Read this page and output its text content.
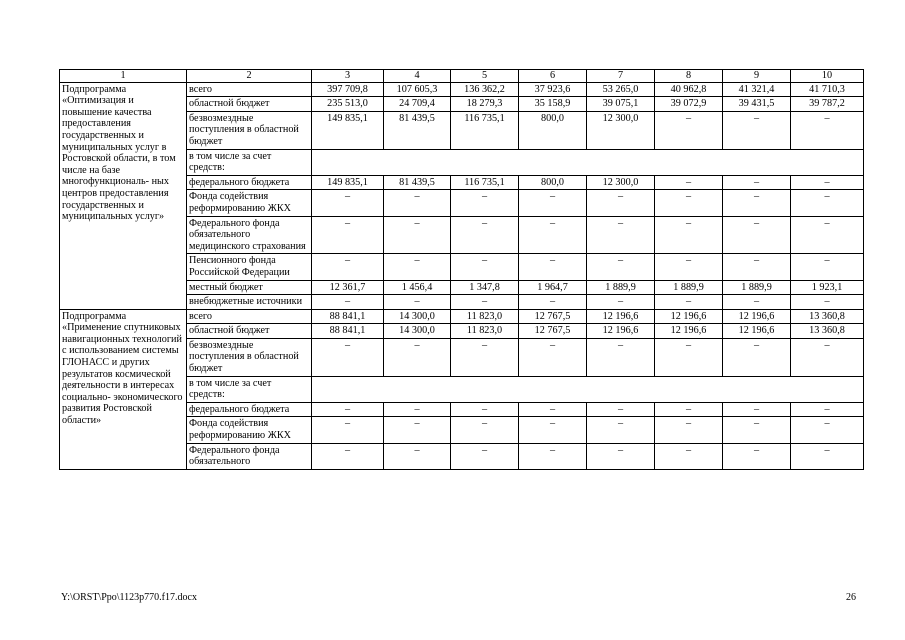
1	2	3	4	5	6	7	8	9	10
Подпрограмма «Оптимизация и повышение качества предоставления государственных и муниципальных услуг в Ростовской области, в том числе на базе многофункциональ- ных центров предоставления государственных и муниципальных услуг»	всего	397 709,8	107 605,3	136 362,2	37 923,6	53 265,0	40 962,8	41 321,4	41 710,3
	областной бюджет	235 513,0	24 709,4	18 279,3	35 158,9	39 075,1	39 072,9	39 431,5	39 787,2
	безвозмездные поступления в областной бюджет	149 835,1	81 439,5	116 735,1	800,0	12 300,0	–	–	–
	в том числе за счет средств:								
	федерального бюджета	149 835,1	81 439,5	116 735,1	800,0	12 300,0	–	–	–
	Фонда содействия реформированию ЖКХ	–	–	–	–	–	–	–	–
	Федерального фонда обязательного медицинского страхования	–	–	–	–	–	–	–	–
	Пенсионного фонда Российской Федерации	–	–	–	–	–	–	–	–
	местный бюджет	12 361,7	1 456,4	1 347,8	1 964,7	1 889,9	1 889,9	1 889,9	1 923,1
	внебюджетные источники	–	–	–	–	–	–	–	–
Подпрограмма «Применение спутниковых навигационных технологий с использованием системы ГЛОНАСС и других результатов космической деятельности в интересах социально- экономического развития Ростовской области»	всего	88 841,1	14 300,0	11 823,0	12 767,5	12 196,6	12 196,6	12 196,6	13 360,8
	областной бюджет	88 841,1	14 300,0	11 823,0	12 767,5	12 196,6	12 196,6	12 196,6	13 360,8
	безвозмездные поступления в областной бюджет	–	–	–	–	–	–	–	–
	в том числе за счет средств:								
	федерального бюджета	–	–	–	–	–	–	–	–
	Фонда содействия реформированию ЖКХ	–	–	–	–	–	–	–	–
	Федерального фонда обязательного	–	–	–	–	–	–	–	–
Y:\ORST\Ppo\1123p770.f17.docx	26
